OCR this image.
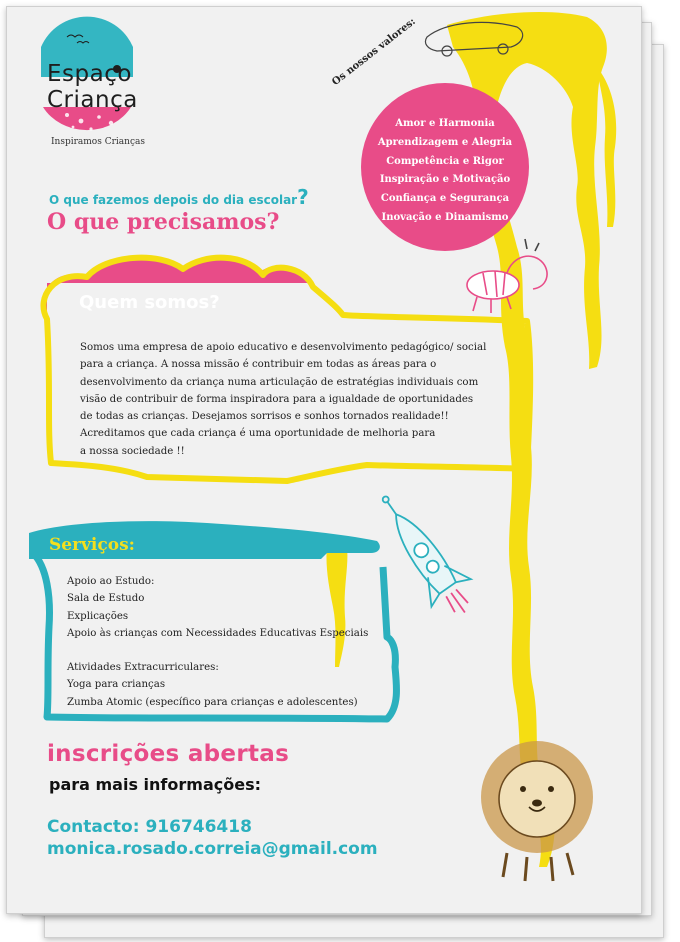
Espaço
Criança
Inspiramos Crianças
Os nossos valores:
Amor e Harmonia
Aprendizagem e Alegria
Competência e Rigor
Inspiração e Motivação
Confiança e Segurança
Inovação e Dinamismo
O que fazemos depois do dia escolar?
O que precisamos?
Quem somos?
Somos uma empresa de apoio educativo e desenvolvimento pedagógico/ social
para a criança. A nossa missão é contribuir em todas as áreas para o
desenvolvimento da criança numa articulação de estratégias individuais com
visão de contribuir de forma inspiradora para a igualdade de oportunidades
de todas as crianças. Desejamos sorrisos e sonhos tornados realidade!!
Acreditamos que cada criança é uma oportunidade de melhoria para
a nossa sociedade !!
Serviços:
Apoio ao Estudo:
Sala de Estudo
Explicações
Apoio às crianças com Necessidades Educativas Especiais
Atividades Extracurriculares:
Yoga para crianças
Zumba Atomic (específico para crianças e adolescentes)
inscrições abertas
para mais informações:
Contacto: 916746418
monica.rosado.correia@gmail.com
